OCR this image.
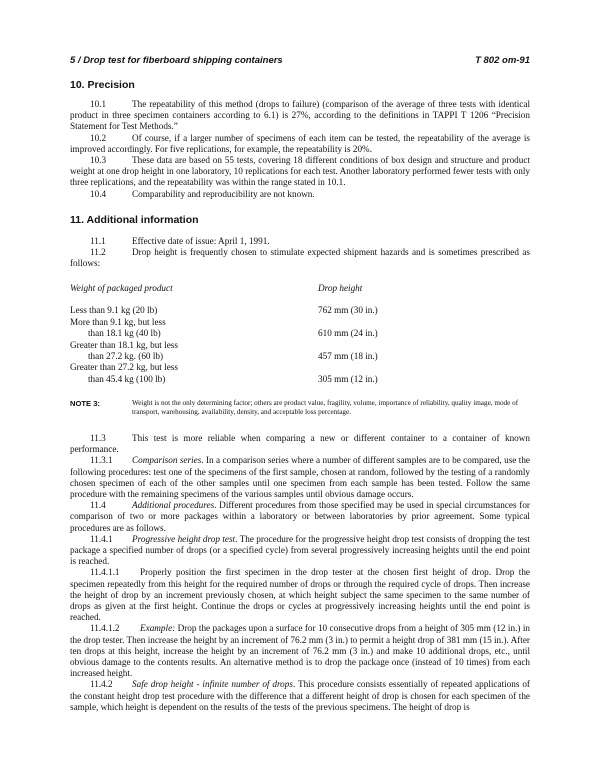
5 / Drop test for fiberboard shipping containers	T 802 om-91
10. Precision

10.1	The repeatability of this method (drops to failure) (comparison of the average of three tests with identical product in three specimen containers according to 6.1) is 27%, according to the definitions in TAPPI T 1206 “Precision Statement for Test Methods.”

10.2	Of course, if a larger number of specimens of each item can be tested, the repeatability of the average is improved accordingly. For five replications, for example, the repeatability is 20%.

10.3	These data are based on 55 tests, covering 18 different conditions of box design and structure and product weight at one drop height in one laboratory, 10 replications for each test. Another laboratory performed fewer tests with only three replications, and the repeatability was within the range stated in 10.1.

10.4	Comparability and reproducibility are not known.

11. Additional information

11.1	Effective date of issue: April 1, 1991.

11.2	Drop height is frequently chosen to stimulate expected shipment hazards and is sometimes prescribed as follows:

Weight of packaged product	Drop height
Less than 9.1 kg (20 lb)	762 mm (30 in.)
More than 9.1 kg, but less
than 18.1 kg (40 lb)	610 mm (24 in.)
Greater than 18.1 kg, but less
than 27.2 kg. (60 lb)	457 mm (18 in.)
Greater than 27.2 kg, but less
than 45.4 kg (100 lb)	305 mm (12 in.)
NOTE 3:	Weight is not the only determining factor; others are product value, fragility, volume, importance of reliability, quality image, mode of transport, warehousing, availability, density, and acceptable loss percentage.

11.3	This test is more reliable when comparing a new or different container to a container of known performance.

11.3.1 Comparison series. In a comparison series where a number of different samples are to be compared, use the following procedures: test one of the specimens of the first sample, chosen at random, followed by the testing of a randomly chosen specimen of each of the other samples until one specimen from each sample has been tested. Follow the same procedure with the remaining specimens of the various samples until obvious damage occurs.

11.4	Additional procedures. Different procedures from those specified may be used in special circumstances for comparison of two or more packages within a laboratory or between laboratories by prior agreement. Some typical procedures are as follows.

11.4.1 Progressive height drop test. The procedure for the progressive height drop test consists of dropping the test package a specified number of drops (or a specified cycle) from several progressively increasing heights until the end point is reached.

11.4.1.1 Properly position the first specimen in the drop tester at the chosen first height of drop. Drop the specimen repeatedly from this height for the required number of drops or through the required cycle of drops. Then increase the height of drop by an increment previously chosen, at which height subject the same specimen to the same number of drops as given at the first height. Continue the drops or cycles at progressively increasing heights until the end point is reached.

11.4.1.2 Example: Drop the packages upon a surface for 10 consecutive drops from a height of 305 mm (12 in.) in the drop tester. Then increase the height by an increment of 76.2 mm (3 in.) to permit a height drop of 381 mm (15 in.). After ten drops at this height, increase the height by an increment of 76.2 mm (3 in.) and make 10 additional drops, etc., until obvious damage to the contents results. An alternative method is to drop the package once (instead of 10 times) from each increased height.

11.4.2 Safe drop height - infinite number of drops. This procedure consists essentially of repeated applications of the constant height drop test procedure with the difference that a different height of drop is chosen for each specimen of the sample, which height is dependent on the results of the tests of the previous specimens. The height of drop is
